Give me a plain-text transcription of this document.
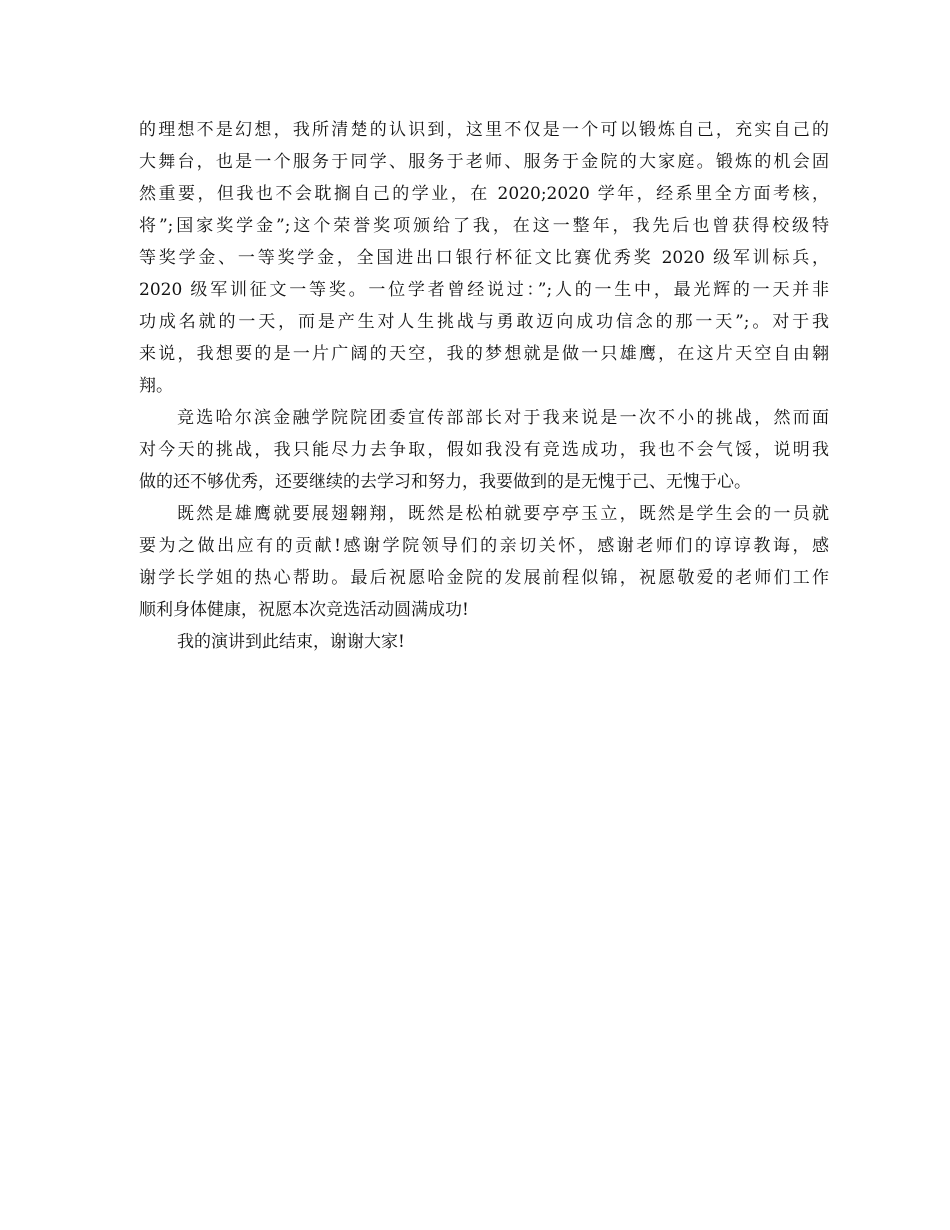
的理想不是幻想，我所清楚的认识到，这里不仅是一个可以锻炼自己，充实自己的
大舞台，也是一个服务于同学、服务于老师、服务于金院的大家庭。锻炼的机会固
然重要，但我也不会耽搁自己的学业，在 2020;2020 学年，经系里全方面考核，
将”;国家奖学金”;这个荣誉奖项颁给了我，在这一整年，我先后也曾获得校级特
等奖学金、一等奖学金，全国进出口银行杯征文比赛优秀奖 2020 级军训标兵，
2020 级军训征文一等奖。一位学者曾经说过：”;人的一生中，最光辉的一天并非
功成名就的一天，而是产生对人生挑战与勇敢迈向成功信念的那一天”;。对于我
来说，我想要的是一片广阔的天空，我的梦想就是做一只雄鹰，在这片天空自由翱
翔。
竞选哈尔滨金融学院院团委宣传部部长对于我来说是一次不小的挑战，然而面
对今天的挑战，我只能尽力去争取，假如我没有竞选成功，我也不会气馁，说明我
做的还不够优秀，还要继续的去学习和努力，我要做到的是无愧于己、无愧于心。
既然是雄鹰就要展翅翱翔，既然是松柏就要亭亭玉立，既然是学生会的一员就
要为之做出应有的贡献!感谢学院领导们的亲切关怀，感谢老师们的谆谆教诲，感
谢学长学姐的热心帮助。最后祝愿哈金院的发展前程似锦，祝愿敬爱的老师们工作
顺利身体健康，祝愿本次竞选活动圆满成功!
我的演讲到此结束，谢谢大家!
